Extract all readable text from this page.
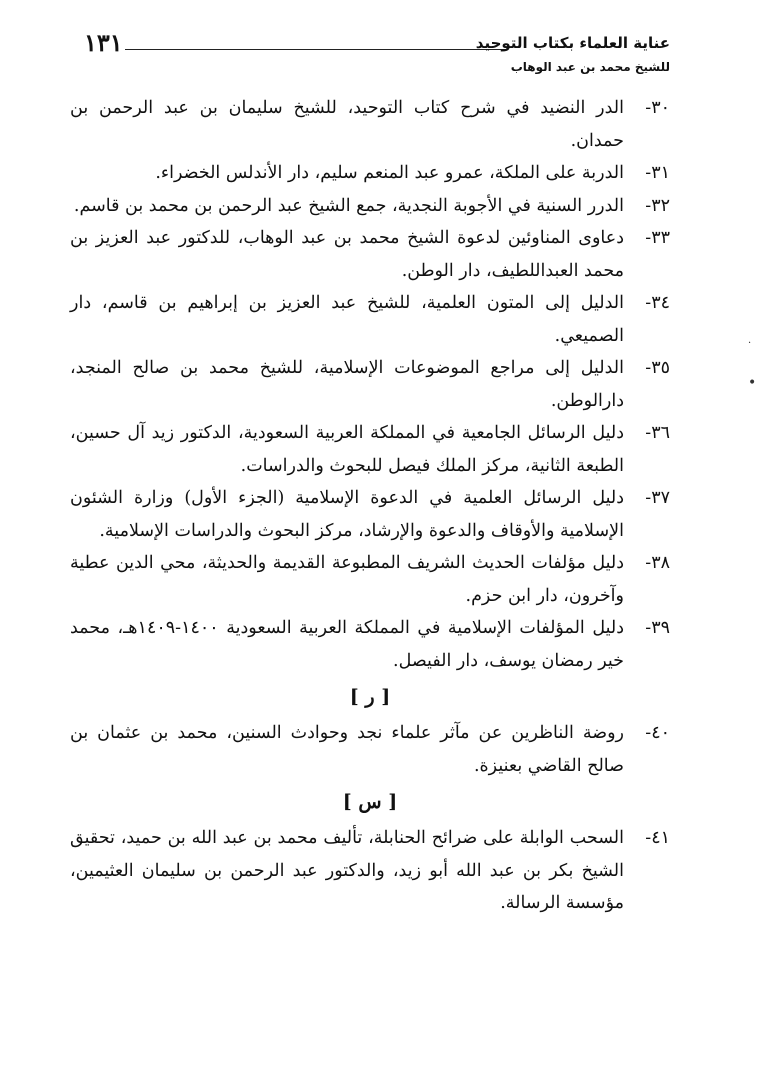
١٣١	عناية العلماء بكتاب التوحيد
للشيخ محمد بن عبد الوهاب
٣٠-
الدر النضيد في شرح كتاب التوحيد، للشيخ سليمان بن عبد الرحمن بن حمدان.
٣١-
الدربة على الملكة، عمرو عبد المنعم سليم، دار الأندلس الخضراء.
٣٢-
الدرر السنية في الأجوبة النجدية، جمع الشيخ عبد الرحمن بن محمد بن قاسم.
٣٣-
دعاوى المناوئين لدعوة الشيخ محمد بن عبد الوهاب، للدكتور عبد العزيز بن محمد العبداللطيف، دار الوطن.
٣٤-
الدليل إلى المتون العلمية، للشيخ عبد العزيز بن إبراهيم بن قاسم، دار الصميعي.
٣٥-
الدليل إلى مراجع الموضوعات الإسلامية، للشيخ محمد بن صالح المنجد، دارالوطن.
٣٦-
دليل الرسائل الجامعية في المملكة العربية السعودية، الدكتور زيد آل حسين، الطبعة الثانية، مركز الملك فيصل للبحوث والدراسات.
٣٧-
دليل الرسائل العلمية في الدعوة الإسلامية (الجزء الأول) وزارة الشئون الإسلامية والأوقاف والدعوة والإرشاد، مركز البحوث والدراسات الإسلامية.
٣٨-
دليل مؤلفات الحديث الشريف المطبوعة القديمة والحديثة، محي الدين عطية وآخرون، دار ابن حزم.
٣٩-
دليل المؤلفات الإسلامية في المملكة العربية السعودية ١٤٠٠-١٤٠٩هـ، محمد خير رمضان يوسف، دار الفيصل.
[ ر ]
٤٠-
روضة الناظرين عن مآثر علماء نجد وحوادث السنين، محمد بن عثمان بن صالح القاضي بعنيزة.
[ س ]
٤١-
السحب الوابلة على ضرائح الحنابلة، تأليف محمد بن عبد الله بن حميد، تحقيق الشيخ بكر بن عبد الله أبو زيد، والدكتور عبد الرحمن بن سليمان العثيمين، مؤسسة الرسالة.
·
•
